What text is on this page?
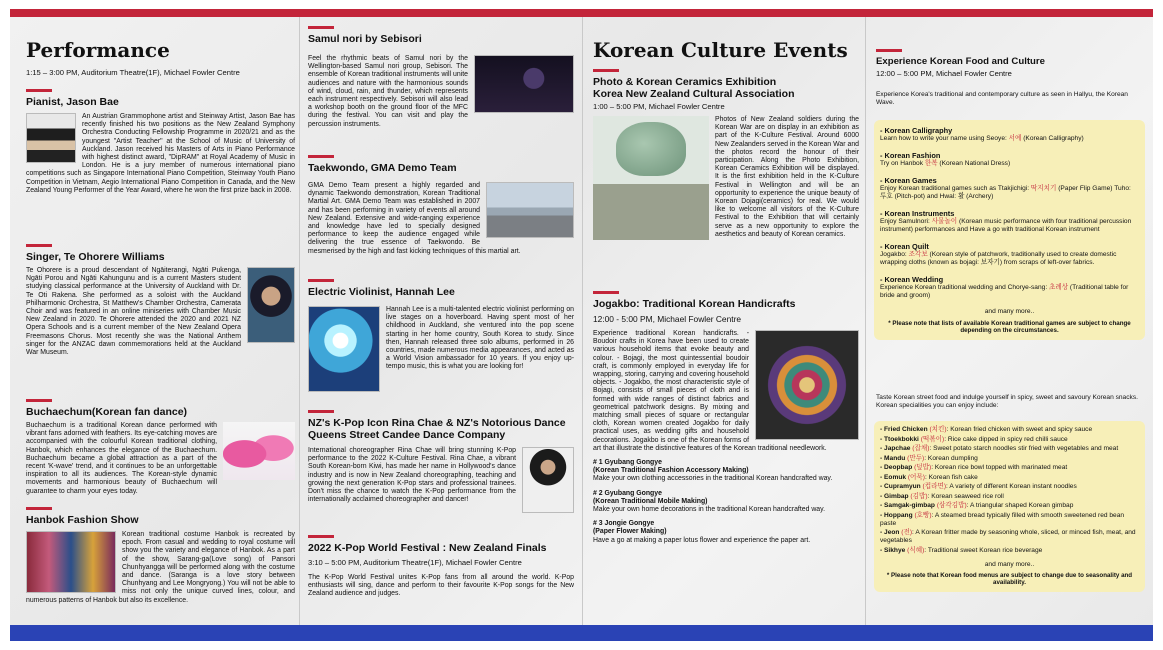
Performance
1:15 – 3:00 PM, Auditorium Theatre(1F), Michael Fowler Centre
Pianist, Jason Bae
An Austrian Grammophone artist and Steinway Artist, Jason Bae has recently finished his two positions as the New Zealand Symphony Orchestra Conducting Fellowship Programme in 2020/21 and as the youngest "Artist Teacher" at the School of Music of University of Auckland. Jason received his Masters of Arts in Piano Performance with highest distinct award, "DipRAM" at Royal Academy of Music in London. He is a jury member of numerous international piano competitions such as Singapore International Piano Competition, Steinway Youth Piano Competition in Vietnam, Aegio International Piano Competition in Canada, and the New Zealand Young Performer of the Year Award, where he won the first prize back in 2008.
Singer, Te Ohorere Williams
Te Ohorere is a proud descendant of Ngāiterangi, Ngāti Pukenga, Ngāti Porou and Ngāti Kahungunu and is a current Masters student studying classical performance at the University of Auckland with Dr. Te Oti Rakena. She performed as a soloist with the Auckland Philharmonic Orchestra, St Matthew's Chamber Orchestra, Camerata Choir and was featured in an online miniseries with Chamber Music New Zealand in 2020. Te Ohorere attended the 2020 and 2021 NZ Opera Schools and is a current member of the New Zealand Opera Freemasons Chorus. Most recently she was the National Anthem singer for the ANZAC dawn commemorations held at the Auckland War Museum.
Buchaechum(Korean fan dance)
Buchaechum is a traditional Korean dance performed with vibrant fans adorned with feathers. Its eye-catching moves are accompanied with the colourful Korean traditional clothing, Hanbok, which enhances the elegance of the Buchaechum. Buchaechum became a global attraction as a part of the recent 'K-wave' trend, and it continues to be an unforgettable inspiration to all its audiences. The Korean-style dynamic movements and harmonious beauty of Buchaechum will guarantee to charm your eyes today.
Hanbok Fashion Show
Korean traditional costume Hanbok is recreated by epoch. From casual and wedding to royal costume will show you the variety and elegance of Hanbok. As a part of the show, Sarang-ga(Love song) of Pansori Chunhyangga will be performed along with the costume and dance. (Saranga is a love story between Chunhyang and Lee Mongryong.) You will not be able to miss not only the unique curved lines, colour, and numerous patterns of Hanbok but also its excellence.
Samul nori by Sebisori
Feel the rhythmic beats of Samul nori by the Wellington-based Samul nori group, Sebisori. The ensemble of Korean traditional instruments will unite audiences and nature with the harmonious sounds of wind, cloud, rain, and thunder, which represents each instrument respectively. Sebisori will also lead a workshop booth on the ground floor of the MFC during the festival. You can visit and play the percussion instruments.
Taekwondo, GMA Demo Team
GMA Demo Team present a highly regarded and dynamic Taekwondo demonstration, Korean Traditional Martial Art. GMA Demo Team was established in 2007 and has been performing in variety of events all around New Zealand. Extensive and wide-ranging experience and knowledge have led to specially designed performance to keep the audience engaged while delivering the true essence of Taekwondo. Be mesmerised by the high and fast kicking techniques of this martial art.
Electric Violinist, Hannah Lee
Hannah Lee is a multi-talented electric violinist performing on live stages on a hoverboard. Having spent most of her childhood in Auckland, she ventured into the pop scene starting in her home country, South Korea to study. Since then, Hannah released three solo albums, performed in 26 countries, made numerous media appearances, and acted as a World Vision ambassador for 10 years. If you enjoy up-tempo music, this is what you are looking for!
NZ's K-Pop Icon Rina Chae & NZ's Notorious Dance Queens Street Candee Dance Company
International choreographer Rina Chae will bring stunning K-Pop performance to the 2022 K-Culture Festival. Rina Chae, a vibrant South Korean-born Kiwi, has made her name in Hollywood's dance industry and is now in New Zealand choreographing, teaching and growing the next generation K-Pop stars and professional trainees. Don't miss the chance to watch the K-Pop performance from the internationally acclaimed choreographer and dancer!
2022 K-Pop World Festival : New Zealand Finals
3:10 – 5:00 PM, Auditorium Theatre(1F), Michael Fowler Centre
The K-Pop World Festival unites K-Pop fans from all around the world. K-Pop enthusiasts will sing, dance and perform to their favourite K-Pop songs for the New Zealand audience and judges.
Korean Culture Events
Photo & Korean Ceramics Exhibition
Korea New Zealand Cultural Association
1:00 – 5:00 PM, Michael Fowler Centre
Photos of New Zealand soldiers during the Korean War are on display in an exhibition as part of the K-Culture Festival. Around 6000 New Zealanders served in the Korean War and the photos record the honour of their participation. Along the Photo Exhibition, Korean Ceramics Exhibition will be displayed. It is the first exhibition held in the K-Culture Festival in Wellington and will be an opportunity to experience the unique beauty of Korean Dojagi(ceramics) for real. We would like to welcome all visitors of the K-Culture Festival to the Exhibition that will certainly serve as a new opportunity to explore the aesthetics and beauty of Korean ceramics.
Jogakbo: Traditional Korean Handicrafts
12:00 - 5:00 PM, Michael Fowler Centre
Experience traditional Korean handicrafts. - Boudoir crafts in Korea have been used to create various household items that evoke beauty and colour. - Bojagi, the most quintessential boudoir craft, is commonly employed in everyday life for wrapping, storing, carrying and covering household objects. - Jogakbo, the most characteristic style of Bojagi, consists of small pieces of cloth and is formed with wide ranges of distinct fabrics and geometrical patchwork designs. By mixing and matching small pieces of square or rectangular cloth, Korean women created Jogakbo for daily practical uses, as wedding gifts and household decorations. Jogakbo is one of the Korean forms of art that illustrate the distinctive features of the Korean traditional needlework.
# 1 Gyubang Gongye
(Korean Traditional Fashion Accessory Making)
Make your own clothing accessories in the traditional Korean handcrafted way.
# 2 Gyubang Gongye
(Korean Traditional Mobile Making)
Make your own home decorations in the traditional Korean handcrafted way.
# 3 Jongie Gongye
(Paper Flower Making)
Have a go at making a paper lotus flower and experience the paper art.
Experience Korean Food and Culture
12:00 – 5:00 PM, Michael Fowler Centre
Experience Korea's traditional and contemporary culture as seen in Hallyu, the Korean Wave.
- Korean Calligraphy
Learn how to write your name using Seoye: 서예 (Korean Calligraphy)
- Korean Fashion
Try on Hanbok 한복 (Korean National Dress)
- Korean Games
Enjoy Korean traditional games such as Ttakjichigi: 딱지치기 (Paper Flip Game) Tuho: 투호 (Pitch-pot) and Hwal: 활 (Archery)
- Korean Instruments
Enjoy Samulnori: 사물놀이 (Korean music performance with four traditional percussion instrument) performances and Have a go with traditional Korean instrument
- Korean Quilt
Jogakbo: 조각보 (Korean style of patchwork, traditionally used to create domestic wrapping cloths (known as bojagi: 보자기) from scraps of left-over fabrics.
- Korean Wedding
Experience Korean traditional wedding and Chorye-sang: 초례상 (Traditional table for bride and groom)
and many more..
* Please note that lists of available Korean traditional games are subject to change depending on the circumstances.
Taste Korean street food and indulge yourself in spicy, sweet and savoury Korean snacks. Korean specialities you can enjoy include:
- Fried Chicken (치킨): Korean fried chicken with sweet and spicy sauce
- Ttoekbokki (떡볶이): Rice cake dipped in spicy red chilli sauce
- Japchae (잡채): Sweet potato starch noodles stir fried with vegetables and meat
- Mandu (만두): Korean dumpling
- Deopbap (덮밥): Korean rice bowl topped with marinated meat
- Eomuk (어묵): Korean fish cake
- Cupramyun (컵라면): A variety of different Korean instant noodles
- Gimbap (김밥): Korean seaweed rice roll
- Samgak-gimbap (삼각김밥): A triangular shaped Korean gimbap
- Hoppang (호빵): A steamed bread typically filled with smooth sweetened red bean paste
- Jeon (전): A Korean fritter made by seasoning whole, sliced, or minced fish, meat, and vegetables
- Sikhye (식혜): Traditional sweet Korean rice beverage
and many more..
* Please note that Korean food menus are subject to change due to seasonality and availability.
